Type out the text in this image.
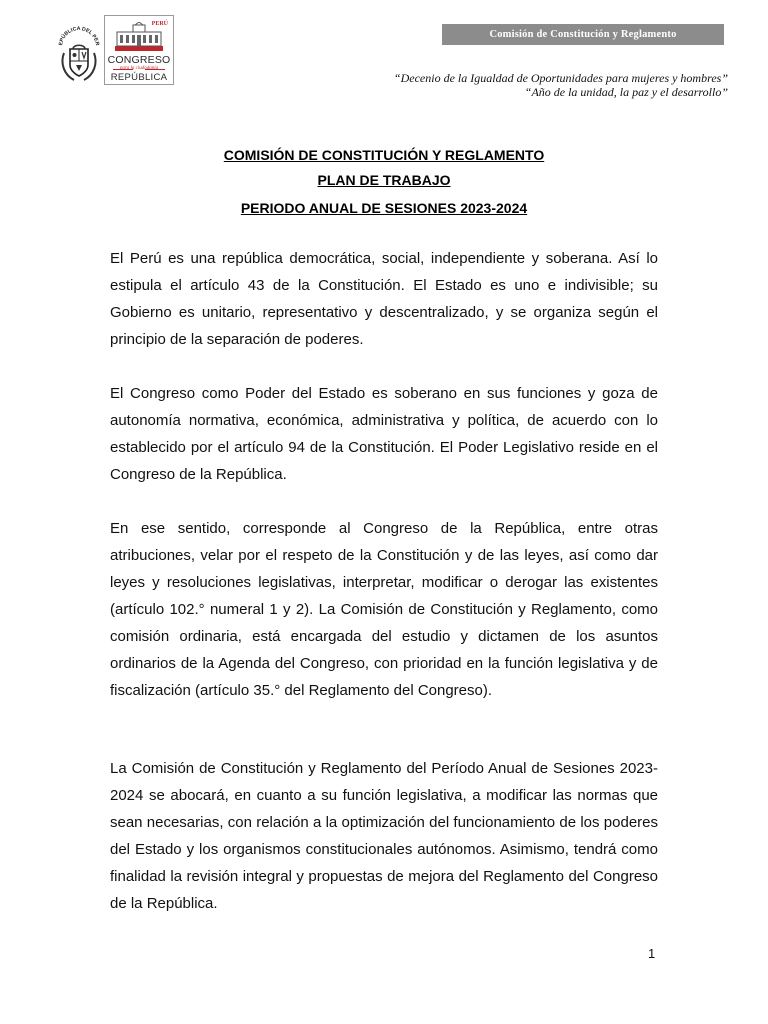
EPÚBLICA DEL PER
PERÚ
CONGRESO
para la ciudadanía
REPÚBLICA
Comisión de Constitución y Reglamento
“Decenio de la Igualdad de Oportunidades para mujeres y hombres”
“Año de la unidad, la paz y el desarrollo”
COMISIÓN DE CONSTITUCIÓN Y REGLAMENTO
PLAN DE TRABAJO
PERIODO ANUAL DE SESIONES 2023-2024
El Perú es una república democrática, social, independiente y soberana. Así lo estipula el artículo 43 de la Constitución. El Estado es uno e indivisible; su Gobierno es unitario, representativo y descentralizado, y se organiza según el principio de la separación de poderes.
El Congreso como Poder del Estado es soberano en sus funciones y goza de autonomía normativa, económica, administrativa y política, de acuerdo con lo establecido por el artículo 94 de la Constitución. El Poder Legislativo reside en el Congreso de la República.
En ese sentido, corresponde al Congreso de la República, entre otras atribuciones, velar por el respeto de la Constitución y de las leyes, así como dar leyes y resoluciones legislativas, interpretar, modificar o derogar las existentes (artículo 102.° numeral 1 y 2). La Comisión de Constitución y Reglamento, como comisión ordinaria, está encargada del estudio y dictamen de los asuntos ordinarios de la Agenda del Congreso, con prioridad en la función legislativa y de fiscalización (artículo 35.° del Reglamento del Congreso).
La Comisión de Constitución y Reglamento del Período Anual de Sesiones 2023-2024 se abocará, en cuanto a su función legislativa, a modificar las normas que sean necesarias, con relación a la optimización del funcionamiento de los poderes del Estado y los organismos constitucionales autónomos. Asimismo, tendrá como finalidad la revisión integral y propuestas de mejora del Reglamento del Congreso de la República.
1
